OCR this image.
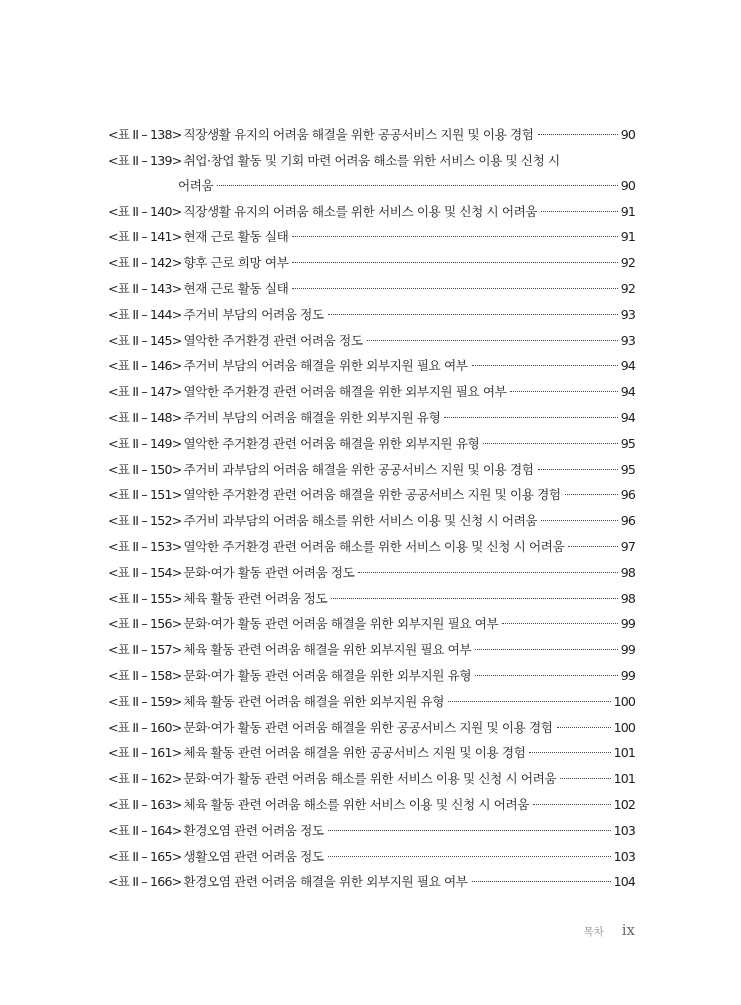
<표 II – 138> 직장생활 유지의 어려움 해결을 위한 공공서비스 지원 및 이용 경험	90
<표 II – 139> 취업·창업 활동 및 기회 마련 어려움 해소를 위한 서비스 이용 및 신청 시
어려움	90
<표 II – 140> 직장생활 유지의 어려움 해소를 위한 서비스 이용 및 신청 시 어려움	91
<표 II – 141> 현재 근로 활동 실태	91
<표 II – 142> 향후 근로 희망 여부	92
<표 II – 143> 현재 근로 활동 실태	92
<표 II – 144> 주거비 부담의 어려움 정도	93
<표 II – 145> 열악한 주거환경 관련 어려움 정도	93
<표 II – 146> 주거비 부담의 어려움 해결을 위한 외부지원 필요 여부	94
<표 II – 147> 열악한 주거환경 관련 어려움 해결을 위한 외부지원 필요 여부	94
<표 II – 148> 주거비 부담의 어려움 해결을 위한 외부지원 유형	94
<표 II – 149> 열악한 주거환경 관련 어려움 해결을 위한 외부지원 유형	95
<표 II – 150> 주거비 과부담의 어려움 해결을 위한 공공서비스 지원 및 이용 경험	95
<표 II – 151> 열악한 주거환경 관련 어려움 해결을 위한 공공서비스 지원 및 이용 경험	96
<표 II – 152> 주거비 과부담의 어려움 해소를 위한 서비스 이용 및 신청 시 어려움	96
<표 II – 153> 열악한 주거환경 관련 어려움 해소를 위한 서비스 이용 및 신청 시 어려움	97
<표 II – 154> 문화·여가 활동 관련 어려움 정도	98
<표 II – 155> 체육 활동 관련 어려움 정도	98
<표 II – 156> 문화·여가 활동 관련 어려움 해결을 위한 외부지원 필요 여부	99
<표 II – 157> 체육 활동 관련 어려움 해결을 위한 외부지원 필요 여부	99
<표 II – 158> 문화·여가 활동 관련 어려움 해결을 위한 외부지원 유형	99
<표 II – 159> 체육 활동 관련 어려움 해결을 위한 외부지원 유형	100
<표 II – 160> 문화·여가 활동 관련 어려움 해결을 위한 공공서비스 지원 및 이용 경험	100
<표 II – 161> 체육 활동 관련 어려움 해결을 위한 공공서비스 지원 및 이용 경험	101
<표 II – 162> 문화·여가 활동 관련 어려움 해소를 위한 서비스 이용 및 신청 시 어려움	101
<표 II – 163> 체육 활동 관련 어려움 해소를 위한 서비스 이용 및 신청 시 어려움	102
<표 II – 164> 환경오염 관련 어려움 정도	103
<표 II – 165> 생활오염 관련 어려움 정도	103
<표 II – 166> 환경오염 관련 어려움 해결을 위한 외부지원 필요 여부	104
목차 ix
